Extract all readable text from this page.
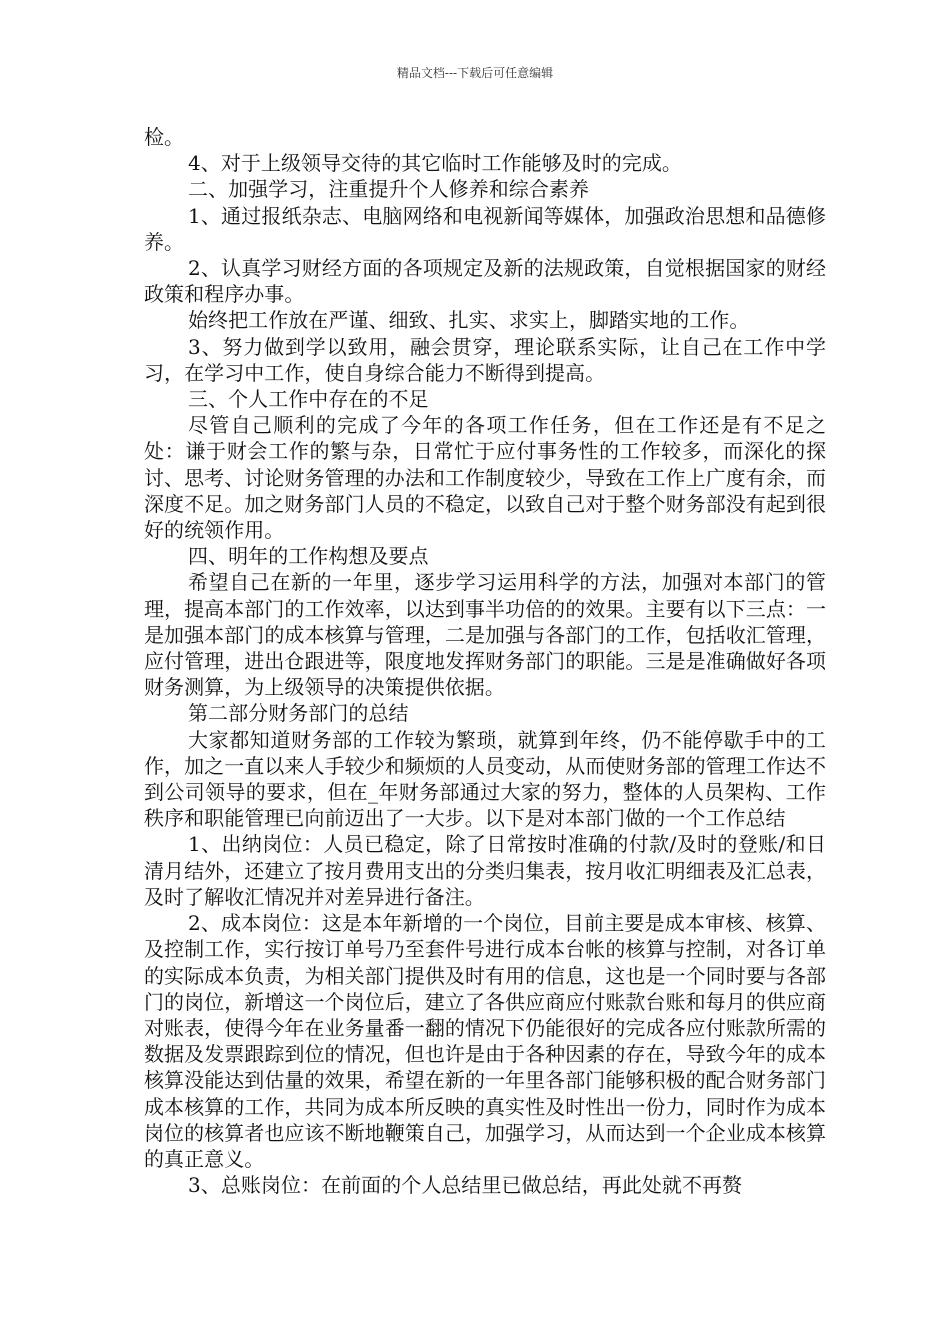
精品文档---下载后可任意编辑

检。

4、对于上级领导交待的其它临时工作能够及时的完成。

二、加强学习，注重提升个人修养和综合素养

1、通过报纸杂志、电脑网络和电视新闻等媒体，加强政治思想和品德修养。

2、认真学习财经方面的各项规定及新的法规政策，自觉根据国家的财经政策和程序办事。

始终把工作放在严谨、细致、扎实、求实上，脚踏实地的工作。

3、努力做到学以致用，融会贯穿，理论联系实际，让自己在工作中学习，在学习中工作，使自身综合能力不断得到提高。

三、个人工作中存在的不足

尽管自己顺利的完成了今年的各项工作任务，但在工作还是有不足之处：谦于财会工作的繁与杂，日常忙于应付事务性的工作较多，而深化的探讨、思考、讨论财务管理的办法和工作制度较少，导致在工作上广度有余，而深度不足。加之财务部门人员的不稳定，以致自己对于整个财务部没有起到很好的统领作用。

四、明年的工作构想及要点

希望自己在新的一年里，逐步学习运用科学的方法，加强对本部门的管理，提高本部门的工作效率，以达到事半功倍的的效果。主要有以下三点：一是加强本部门的成本核算与管理，二是加强与各部门的工作，包括收汇管理，应付管理，进出仓跟进等，限度地发挥财务部门的职能。三是是准确做好各项财务测算，为上级领导的决策提供依据。

第二部分财务部门的总结

大家都知道财务部的工作较为繁琐，就算到年终，仍不能停歇手中的工作，加之一直以来人手较少和频烦的人员变动，从而使财务部的管理工作达不到公司领导的要求，但在_年财务部通过大家的努力，整体的人员架构、工作秩序和职能管理已向前迈出了一大步。以下是对本部门做的一个工作总结

1、出纳岗位：人员已稳定，除了日常按时准确的付款/及时的登账/和日清月结外，还建立了按月费用支出的分类归集表，按月收汇明细表及汇总表，及时了解收汇情况并对差异进行备注。

2、成本岗位：这是本年新增的一个岗位，目前主要是成本审核、核算、及控制工作，实行按订单号乃至套件号进行成本台帐的核算与控制，对各订单的实际成本负责，为相关部门提供及时有用的信息，这也是一个同时要与各部门的岗位，新增这一个岗位后，建立了各供应商应付账款台账和每月的供应商对账表，使得今年在业务量番一翻的情况下仍能很好的完成各应付账款所需的数据及发票跟踪到位的情况，但也许是由于各种因素的存在，导致今年的成本核算没能达到估量的效果，希望在新的一年里各部门能够积极的配合财务部门成本核算的工作，共同为成本所反映的真实性及时性出一份力，同时作为成本岗位的核算者也应该不断地鞭策自己，加强学习，从而达到一个企业成本核算的真正意义。

3、总账岗位：在前面的个人总结里已做总结，再此处就不再赘
